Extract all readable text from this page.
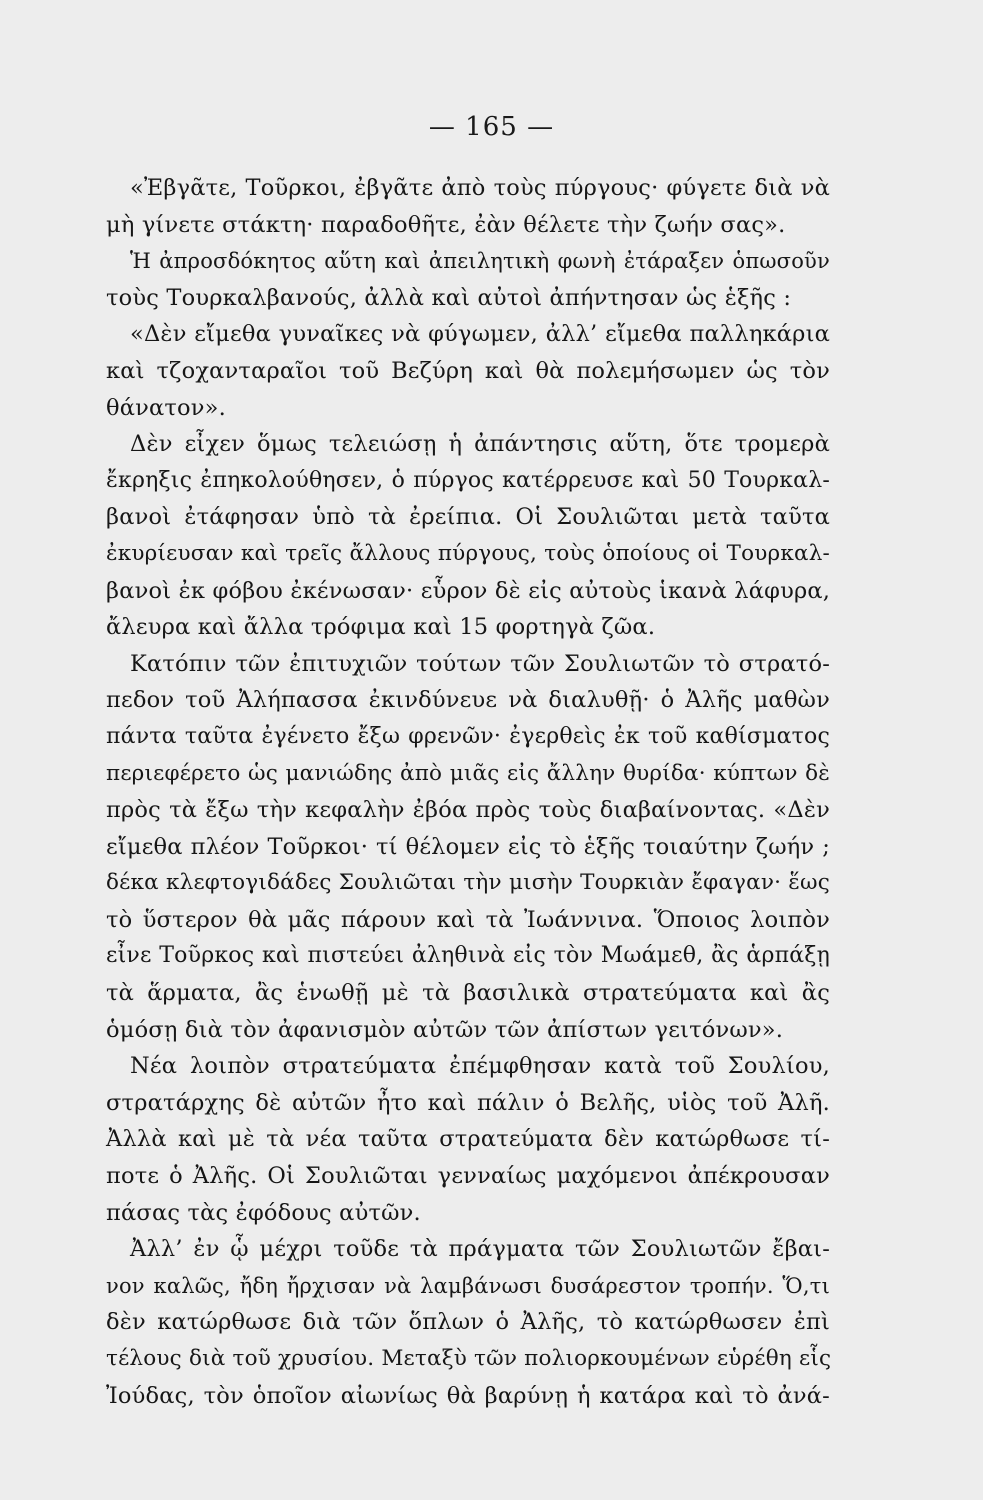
— 165 —
«Ἐβγᾶτε, Τοῦρκοι, ἐβγᾶτε ἀπὸ τοὺς πύργους· φύγετε διὰ νὰ
μὴ γίνετε στάκτη· παραδοθῆτε, ἐὰν θέλετε τὴν ζωήν σας».
Ἡ ἀπροσδόκητος αὕτη καὶ ἀπειλητικὴ φωνὴ ἐτάραξεν ὁπωσοῦν
τοὺς Τουρκαλβανούς, ἀλλὰ καὶ αὐτοὶ ἀπήντησαν ὡς ἑξῆς :
«Δὲν εἴμεθα γυναῖκες νὰ φύγωμεν, ἀλλ’ εἴμεθα παλληκάρια
καὶ τζοχανταραῖοι τοῦ Βεζύρη καὶ θὰ πολεμήσωμεν ὡς τὸν
θάνατον».
Δὲν εἶχεν ὅμως τελειώσῃ ἡ ἀπάντησις αὕτη, ὅτε τρομερὰ
ἔκρηξις ἐπηκολούθησεν, ὁ πύργος κατέρρευσε καὶ 50 Τουρκαλ-
βανοὶ ἐτάφησαν ὑπὸ τὰ ἐρείπια. Οἱ Σουλιῶται μετὰ ταῦτα
ἐκυρίευσαν καὶ τρεῖς ἄλλους πύργους, τοὺς ὁποίους οἱ Τουρκαλ-
βανοὶ ἐκ φόβου ἐκένωσαν· εὗρον δὲ εἰς αὐτοὺς ἱκανὰ λάφυρα,
ἄλευρα καὶ ἄλλα τρόφιμα καὶ 15 φορτηγὰ ζῶα.
Κατόπιν τῶν ἐπιτυχιῶν τούτων τῶν Σουλιωτῶν τὸ στρατό-
πεδον τοῦ Ἀλήπασσα ἐκινδύνευε νὰ διαλυθῇ· ὁ Ἀλῆς μαθὼν
πάντα ταῦτα ἐγένετο ἔξω φρενῶν· ἐγερθεὶς ἐκ τοῦ καθίσματος
περιεφέρετο ὡς μανιώδης ἀπὸ μιᾶς εἰς ἄλλην θυρίδα· κύπτων δὲ
πρὸς τὰ ἔξω τὴν κεφαλὴν ἐβόα πρὸς τοὺς διαβαίνοντας. «Δὲν
εἴμεθα πλέον Τοῦρκοι· τί θέλομεν εἰς τὸ ἑξῆς τοιαύτην ζωήν ;
δέκα κλεφτογιδάδες Σουλιῶται τὴν μισὴν Τουρκιὰν ἔφαγαν· ἕως
τὸ ὕστερον θὰ μᾶς πάρουν καὶ τὰ Ἰωάννινα. Ὅποιος λοιπὸν
εἶνε Τοῦρκος καὶ πιστεύει ἀληθινὰ εἰς τὸν Μωάμεθ, ἂς ἁρπάξῃ
τὰ ἅρματα, ἂς ἑνωθῇ μὲ τὰ βασιλικὰ στρατεύματα καὶ ἂς
ὁμόσῃ διὰ τὸν ἀφανισμὸν αὐτῶν τῶν ἀπίστων γειτόνων».
Νέα λοιπὸν στρατεύματα ἐπέμφθησαν κατὰ τοῦ Σουλίου,
στρατάρχης δὲ αὐτῶν ἦτο καὶ πάλιν ὁ Βελῆς, υἱὸς τοῦ Ἀλῆ.
Ἀλλὰ καὶ μὲ τὰ νέα ταῦτα στρατεύματα δὲν κατώρθωσε τί-
ποτε ὁ Ἀλῆς. Οἱ Σουλιῶται γενναίως μαχόμενοι ἀπέκρουσαν
πάσας τὰς ἐφόδους αὐτῶν.
Ἀλλ’ ἐν ᾧ μέχρι τοῦδε τὰ πράγματα τῶν Σουλιωτῶν ἔβαι-
νον καλῶς, ἤδη ἤρχισαν νὰ λαμβάνωσι δυσάρεστον τροπήν. Ὅ,τι
δὲν κατώρθωσε διὰ τῶν ὅπλων ὁ Ἀλῆς, τὸ κατώρθωσεν ἐπὶ
τέλους διὰ τοῦ χρυσίου. Μεταξὺ τῶν πολιορκουμένων εὑρέθη εἷς
Ἰούδας, τὸν ὁποῖον αἰωνίως θὰ βαρύνῃ ἡ κατάρα καὶ τὸ ἀνά-
